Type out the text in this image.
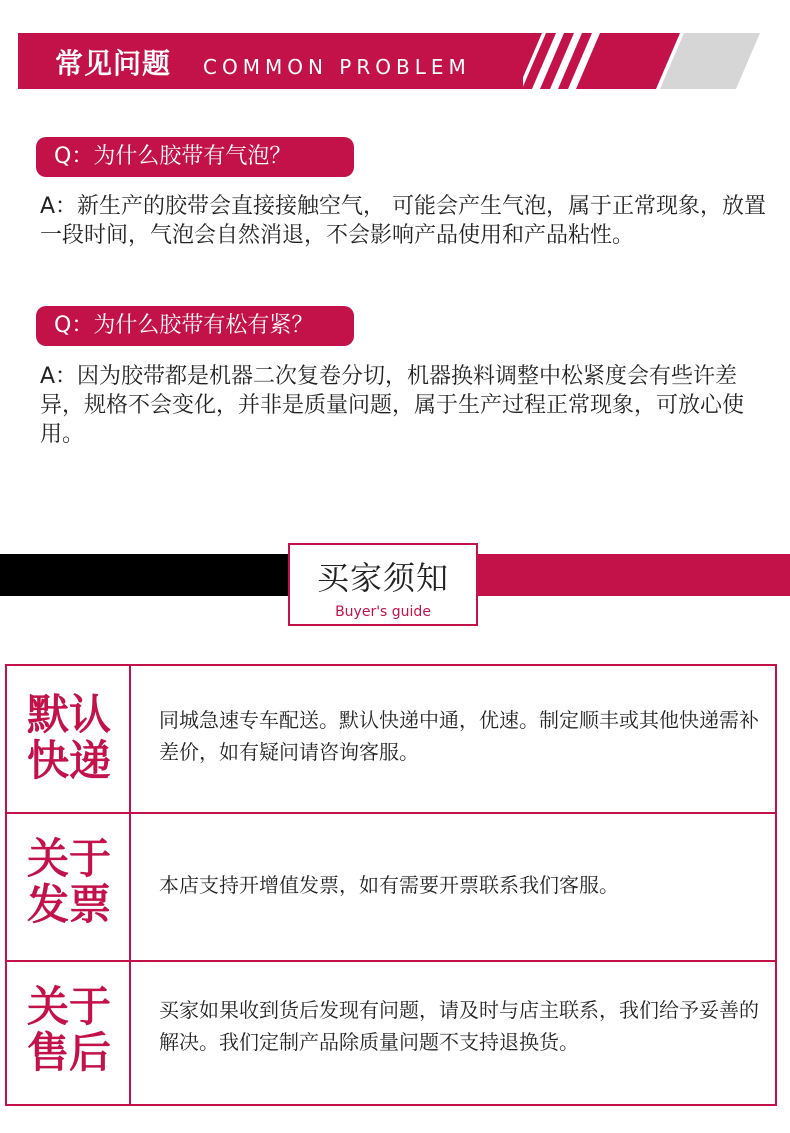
常见问题 COMMON PROBLEM
Q：为什么胶带有气泡？
A：新生产的胶带会直接接触空气， 可能会产生气泡，属于正常现象，放置一段时间，气泡会自然消退，不会影响产品使用和产品粘性。
Q：为什么胶带有松有紧？
A：因为胶带都是机器二次复卷分切，机器换料调整中松紧度会有些许差异，规格不会变化，并非是质量问题，属于生产过程正常现象，可放心使用。
买家须知
Buyer's guide
默认
快递
同城急速专车配送。默认快递中通，优速。制定顺丰或其他快递需补差价，如有疑问请咨询客服。
关于
发票	本店支持开增值发票，如有需要开票联系我们客服。
关于
售后
买家如果收到货后发现有问题，请及时与店主联系，我们给予妥善的解决。我们定制产品除质量问题不支持退换货。
